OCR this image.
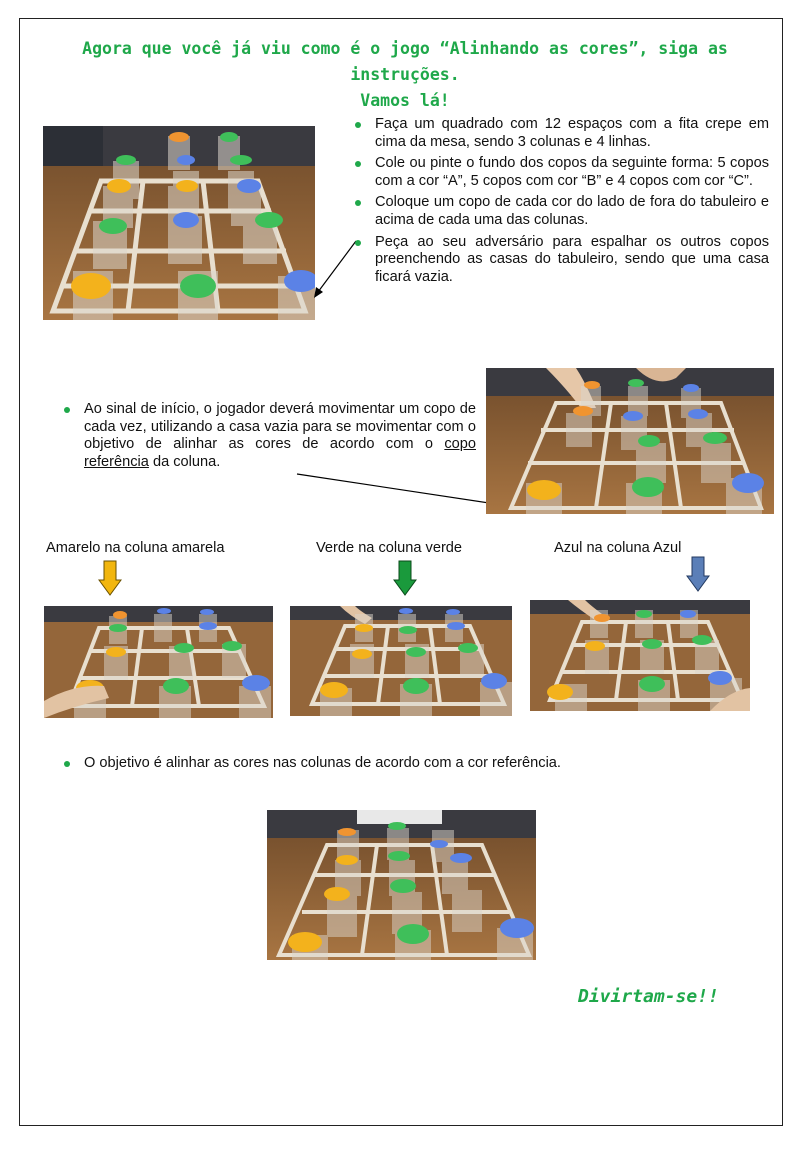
Agora que você já viu como é o jogo “Alinhando as cores”, siga as instruções.
Vamos lá!
Faça um quadrado com 12 espaços com a fita crepe em cima da mesa, sendo 3 colunas e 4 linhas.
Cole ou pinte o fundo dos copos da seguinte forma: 5 copos com a cor “A”, 5 copos com cor “B” e 4 copos com cor “C”.
Coloque um copo de cada cor do lado de fora do tabuleiro e acima de cada uma das colunas.
Peça ao seu adversário para espalhar os outros copos preenchendo as casas do tabuleiro, sendo que uma casa ficará vazia.
Ao sinal de início, o jogador deverá movimentar um copo de cada vez, utilizando a casa vazia para se movimentar com o objetivo de alinhar as cores de acordo com o copo referência da coluna.
Amarelo na coluna amarela	Verde na coluna verde	Azul na coluna Azul
O objetivo é alinhar as cores nas colunas de acordo com a cor referência.
Divirtam-se!!
